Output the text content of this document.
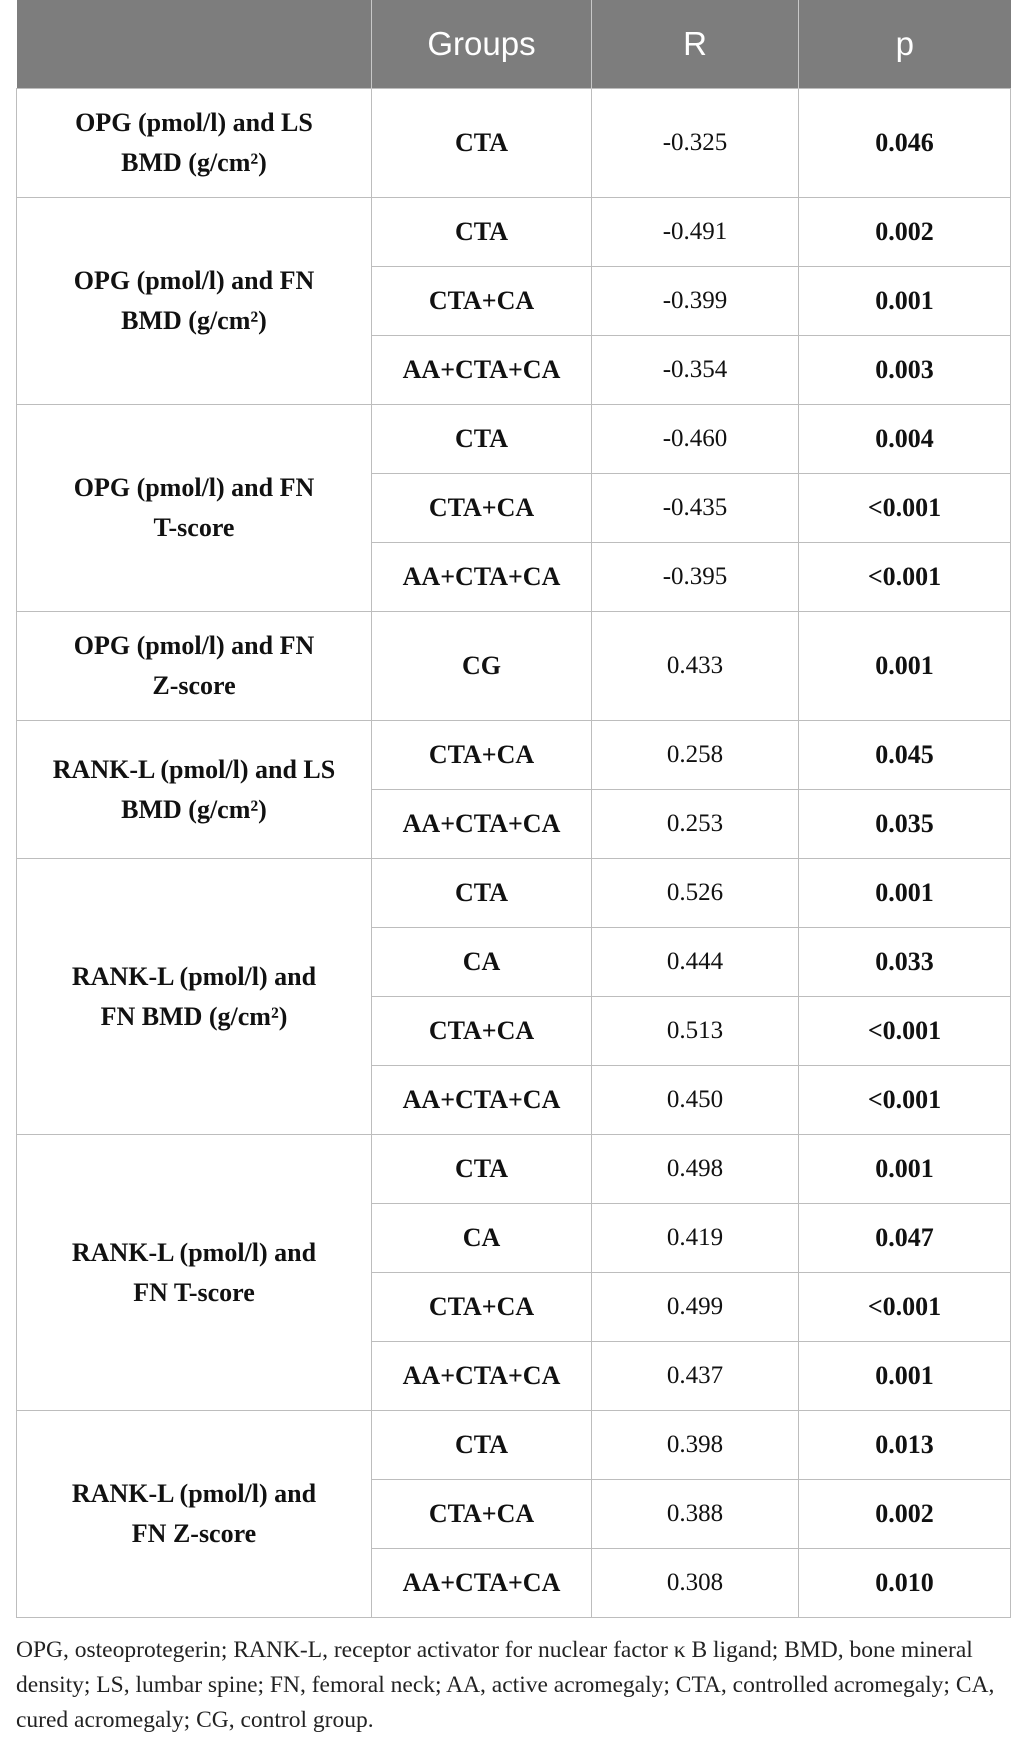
	Groups	R	p
OPG (pmol/l) and LS
BMD (g/cm²)	CTA	-0.325	0.046
OPG (pmol/l) and FN
BMD (g/cm²)	CTA	-0.491	0.002
	CTA+CA	-0.399	0.001
	AA+CTA+CA	-0.354	0.003
OPG (pmol/l) and FN
T-score	CTA	-0.460	0.004
	CTA+CA	-0.435	<0.001
	AA+CTA+CA	-0.395	<0.001
OPG (pmol/l) and FN
Z-score	CG	0.433	0.001
RANK-L (pmol/l) and LS
BMD (g/cm²)	CTA+CA	0.258	0.045
	AA+CTA+CA	0.253	0.035
RANK-L (pmol/l) and
FN BMD (g/cm²)	CTA	0.526	0.001
	CA	0.444	0.033
	CTA+CA	0.513	<0.001
	AA+CTA+CA	0.450	<0.001
RANK-L (pmol/l) and
FN T-score	CTA	0.498	0.001
	CA	0.419	0.047
	CTA+CA	0.499	<0.001
	AA+CTA+CA	0.437	0.001
RANK-L (pmol/l) and
FN Z-score	CTA	0.398	0.013
	CTA+CA	0.388	0.002
	AA+CTA+CA	0.308	0.010
OPG, osteoprotegerin; RANK-L, receptor activator for nuclear factor κ B ligand; BMD, bone mineral density; LS, lumbar spine; FN, femoral neck; AA, active acromegaly; CTA, controlled acromegaly; CA, cured acromegaly; CG, control group.
